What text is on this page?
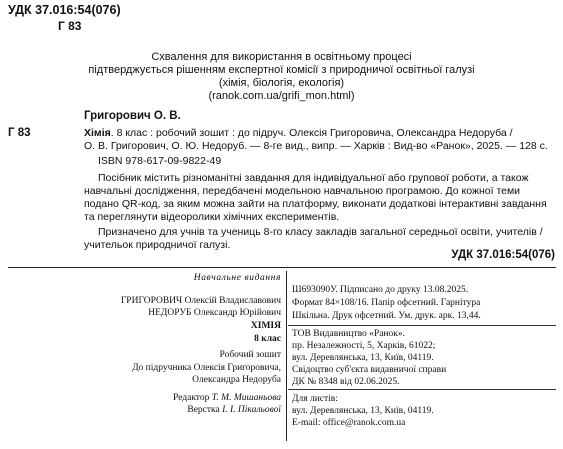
УДК 37.016:54(076)
Г 83
Схвалення для використання в освітньому процесі
підтверджується рішенням експертної комісії з природничої освітньої галузі
(хімія, біологія, екологія)
(ranok.com.ua/grifi_mon.html)
Григорович О. В.
Г 83	Хімія. 8 клас : робочий зошит : до підруч. Олексія Григоровича, Олександра Недоруба /
О. В. Григорович, О. Ю. Недоруб. — 8-ге вид., випр. — Харків : Вид-во «Ранок», 2025. — 128 с.
ISBN 978-617-09-9822-49
Посібник містить різноманітні завдання для індивідуальної або групової роботи, а також
навчальні дослідження, передбачені модельною навчальною програмою. До кожної теми
подано QR-код, за яким можна зайти на платформу, виконати додаткові інтерактивні завдання
та переглянути відеоролики хімічних експериментів.
Призначено для учнів та учениць 8-го класу закладів загальної середньої освіти, учителів /
учительок природничої галузі.
УДК 37.016:54(076)
Навчальне видання
ГРИГОРОВИЧ Олексій Владиславович
НЕДОРУБ Олександр Юрійович
ХІМІЯ
8 клас
Робочий зошит
До підручника Олексія Григоровича,
Олександра Недоруба
Редактор Т. М. Мишаньова
Верстка І. І. Пікальової
Ш693090У. Підписано до друку 13.08.2025.
Формат 84×108/16. Папір офсетний. Гарнітура
Шкільна. Друк офсетний. Ум. друк. арк. 13,44.
ТОВ Видавництво «Ранок».
пр. Незалежності, 5, Харків, 61022;
вул. Деревлянська, 13, Київ, 04119.
Свідоцтво суб'єкта видавничої справи
ДК № 8348 від 02.06.2025.
Для листів:
вул. Деревлянська, 13, Київ, 04119.
E-mail: office@ranok.com.ua
